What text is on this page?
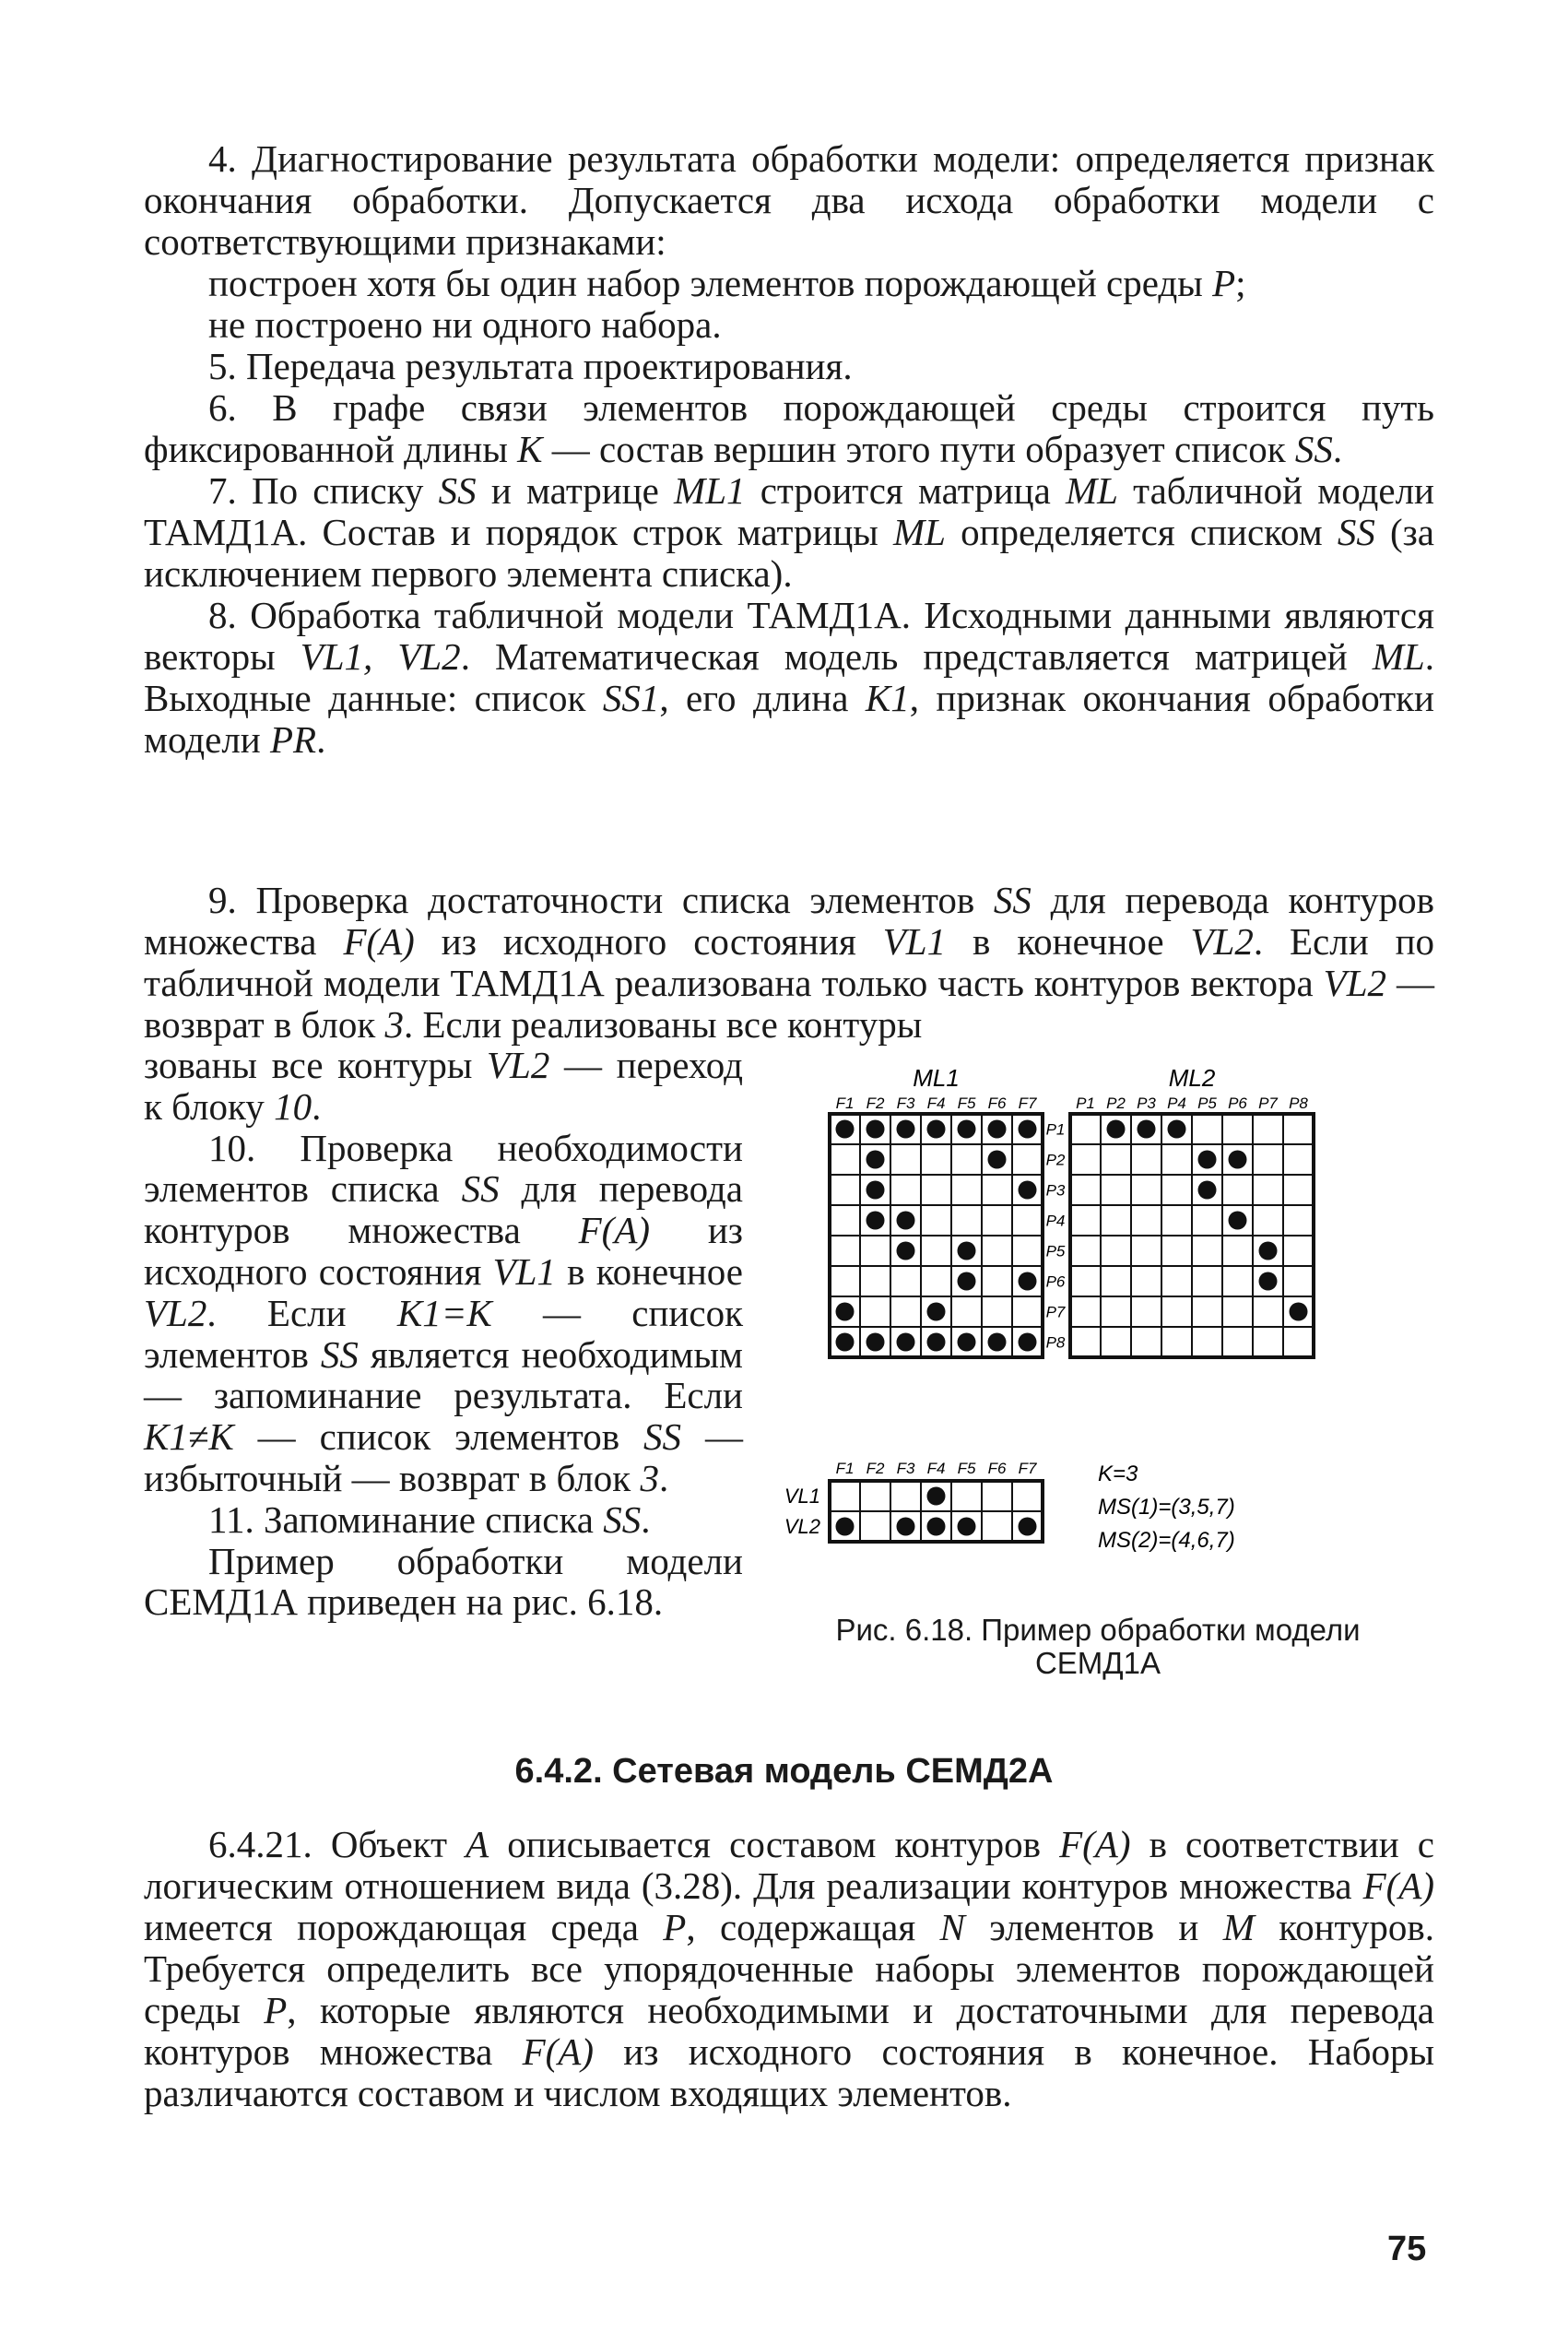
4. Диагностирование результата обработки модели: определяется признак окончания обработки. Допускается два исхода обработки модели с соответствующими признаками:

построен хотя бы один набор элементов порождающей среды P;

не построено ни одного набора.

5. Передача результата проектирования.

6. В графе связи элементов порождающей среды строится путь фиксированной длины K — состав вершин этого пути образует список SS.

7. По списку SS и матрице ML1 строится матрица ML табличной модели ТАМД1А. Состав и порядок строк матрицы ML определяется списком SS (за исключением первого элемента списка).

8. Обработка табличной модели ТАМД1А. Исходными данными являются векторы VL1, VL2. Математическая модель представляется матрицей ML. Выходные данные: список SS1, его длина K1, признак окончания обработки модели PR.

9. Проверка достаточности списка элементов SS для перевода контуров множества F(A) из исходного состояния VL1 в конечное VL2. Если по табличной модели ТАМД1А реализована только часть контуров вектора VL2 — возврат в блок 3. Если реализованы все контуры

зованы все контуры VL2 — переход к блоку 10.

10. Проверка необходимости элементов списка SS для перевода контуров множества F(A) из исходного состояния VL1 в конечное VL2. Если K1=K — список элементов SS является необходимым — запоминание результата. Если K1≠K — список элементов SS — избыточный — возврат в блок 3.

11. Запоминание списка SS.

Пример обработки модели СЕМД1А приведен на рис. 6.18.

ML1
F1 F2 F3 F4 F5 F6 F7
P1
P2
P3
P4
P5
P6
P7
P8
ML2
P1 P2 P3 P4 P5 P6 P7 P8
F1 F2 F3 F4 F5 F6 F7
VL1
VL2
K=3
MS(1)=(3,5,7)
MS(2)=(4,6,7)
Рис. 6.18. Пример обработки модели
СЕМД1А
6.4.2. Сетевая модель СЕМД2А

6.4.21. Объект A описывается составом контуров F(A) в соответствии с логическим отношением вида (3.28). Для реализации контуров множества F(A) имеется порождающая среда P, содержащая N элементов и M контуров. Требуется определить все упорядоченные наборы элементов порождающей среды P, которые являются необходимыми и достаточными для перевода контуров множества F(A) из исходного состояния в конечное. Наборы различаются составом и числом входящих элементов.

75
